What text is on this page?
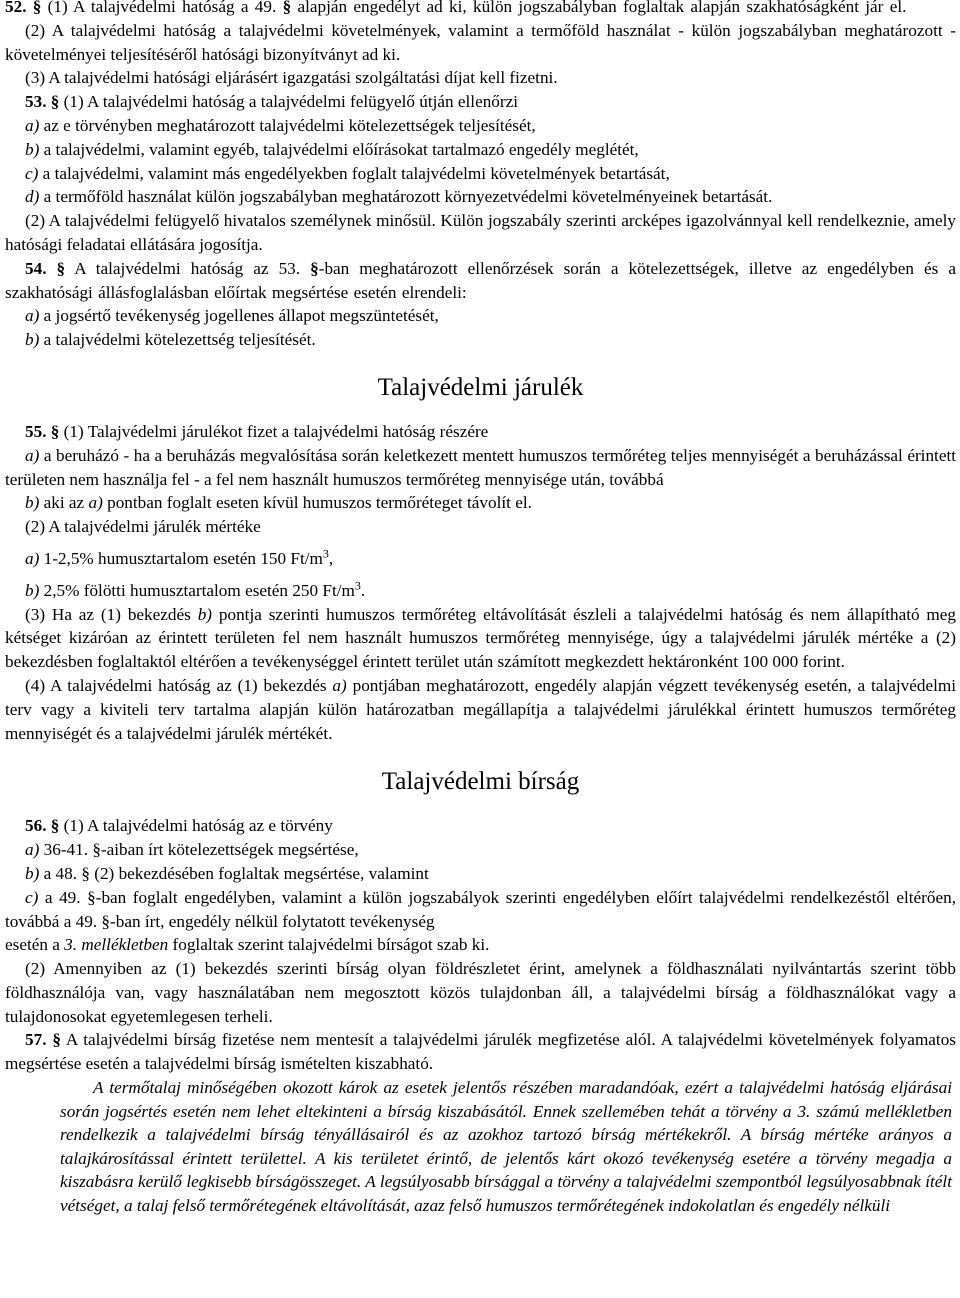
52. § (1) A talajvédelmi hatóság a 49. § alapján engedélyt ad ki, külön jogszabályban foglaltak alapján szakhatóságként jár el.

(2) A talajvédelmi hatóság a talajvédelmi követelmények, valamint a termőföld használat - külön jogszabályban meghatározott - követelményei teljesítéséről hatósági bizonyítványt ad ki.

(3) A talajvédelmi hatósági eljárásért igazgatási szolgáltatási díjat kell fizetni.

53. § (1) A talajvédelmi hatóság a talajvédelmi felügyelő útján ellenőrzi

a) az e törvényben meghatározott talajvédelmi kötelezettségek teljesítését,

b) a talajvédelmi, valamint egyéb, talajvédelmi előírásokat tartalmazó engedély meglétét,

c) a talajvédelmi, valamint más engedélyekben foglalt talajvédelmi követelmények betartását,

d) a termőföld használat külön jogszabályban meghatározott környezetvédelmi követelményeinek betartását.

(2) A talajvédelmi felügyelő hivatalos személynek minősül. Külön jogszabály szerinti arcképes igazolvánnyal kell rendelkeznie, amely hatósági feladatai ellátására jogosítja.

54. § A talajvédelmi hatóság az 53. §-ban meghatározott ellenőrzések során a kötelezettségek, illetve az engedélyben és a szakhatósági állásfoglalásban előírtak megsértése esetén elrendeli:

a) a jogsértő tevékenység jogellenes állapot megszüntetését,

b) a talajvédelmi kötelezettség teljesítését.

Talajvédelmi járulék

55. § (1) Talajvédelmi járulékot fizet a talajvédelmi hatóság részére

a) a beruházó - ha a beruházás megvalósítása során keletkezett mentett humuszos termőréteg teljes mennyiségét a beruházással érintett területen nem használja fel - a fel nem használt humuszos termőréteg mennyisége után, továbbá

b) aki az a) pontban foglalt eseten kívül humuszos termőréteget távolít el.

(2) A talajvédelmi járulék mértéke

a) 1-2,5% humusztartalom esetén 150 $Ft/m^3$,

b) 2,5% fölötti humusztartalom esetén 250 $Ft/m^3$.

(3) Ha az (1) bekezdés b) pontja szerinti humuszos termőréteg eltávolítását észleli a talajvédelmi hatóság és nem állapítható meg kétséget kizáróan az érintett területen fel nem használt humuszos termőréteg mennyisége, úgy a talajvédelmi járulék mértéke a (2) bekezdésben foglaltaktól eltérően a tevékenységgel érintett terület után számított megkezdett hektáronként 100 000 forint.

(4) A talajvédelmi hatóság az (1) bekezdés a) pontjában meghatározott, engedély alapján végzett tevékenység esetén, a talajvédelmi terv vagy a kiviteli terv tartalma alapján külön határozatban megállapítja a talajvédelmi járulékkal érintett humuszos termőréteg mennyiségét és a talajvédelmi járulék mértékét.

Talajvédelmi bírság

56. § (1) A talajvédelmi hatóság az e törvény

a) 36-41. §-aiban írt kötelezettségek megsértése,

b) a 48. § (2) bekezdésében foglaltak megsértése, valamint

c) a 49. §-ban foglalt engedélyben, valamint a külön jogszabályok szerinti engedélyben előírt talajvédelmi rendelkezéstől eltérően, továbbá a 49. §-ban írt, engedély nélkül folytatott tevékenység

esetén a 3. mellékletben foglaltak szerint talajvédelmi bírságot szab ki.

(2) Amennyiben az (1) bekezdés szerinti bírság olyan földrészletet érint, amelynek a földhasználati nyilvántartás szerint több földhasználója van, vagy használatában nem megosztott közös tulajdonban áll, a talajvédelmi bírság a földhasználókat vagy a tulajdonosokat egyetemlegesen terheli.

57. § A talajvédelmi bírság fizetése nem mentesít a talajvédelmi járulék megfizetése alól. A talajvédelmi követelmények folyamatos megsértése esetén a talajvédelmi bírság ismételten kiszabható.

A termőtalaj minőségében okozott károk az esetek jelentős részében maradandóak, ezért a talajvédelmi hatóság eljárásai során jogsértés esetén nem lehet eltekinteni a bírság kiszabásától. Ennek szellemében tehát a törvény a 3. számú mellékletben rendelkezik a talajvédelmi bírság tényállásairól és az azokhoz tartozó bírság mértékekről. A bírság mértéke arányos a talajkárosítással érintett területtel. A kis területet érintő, de jelentős kárt okozó tevékenység esetére a törvény megadja a kiszabásra kerülő legkisebb bírságösszeget. A legsúlyosabb bírsággal a törvény a talajvédelmi szempontból legsúlyosabbnak ítélt vétséget, a talaj felső termőrétegének eltávolítását, azaz felső humuszos termőrétegének indokolatlan és engedély nélküli
